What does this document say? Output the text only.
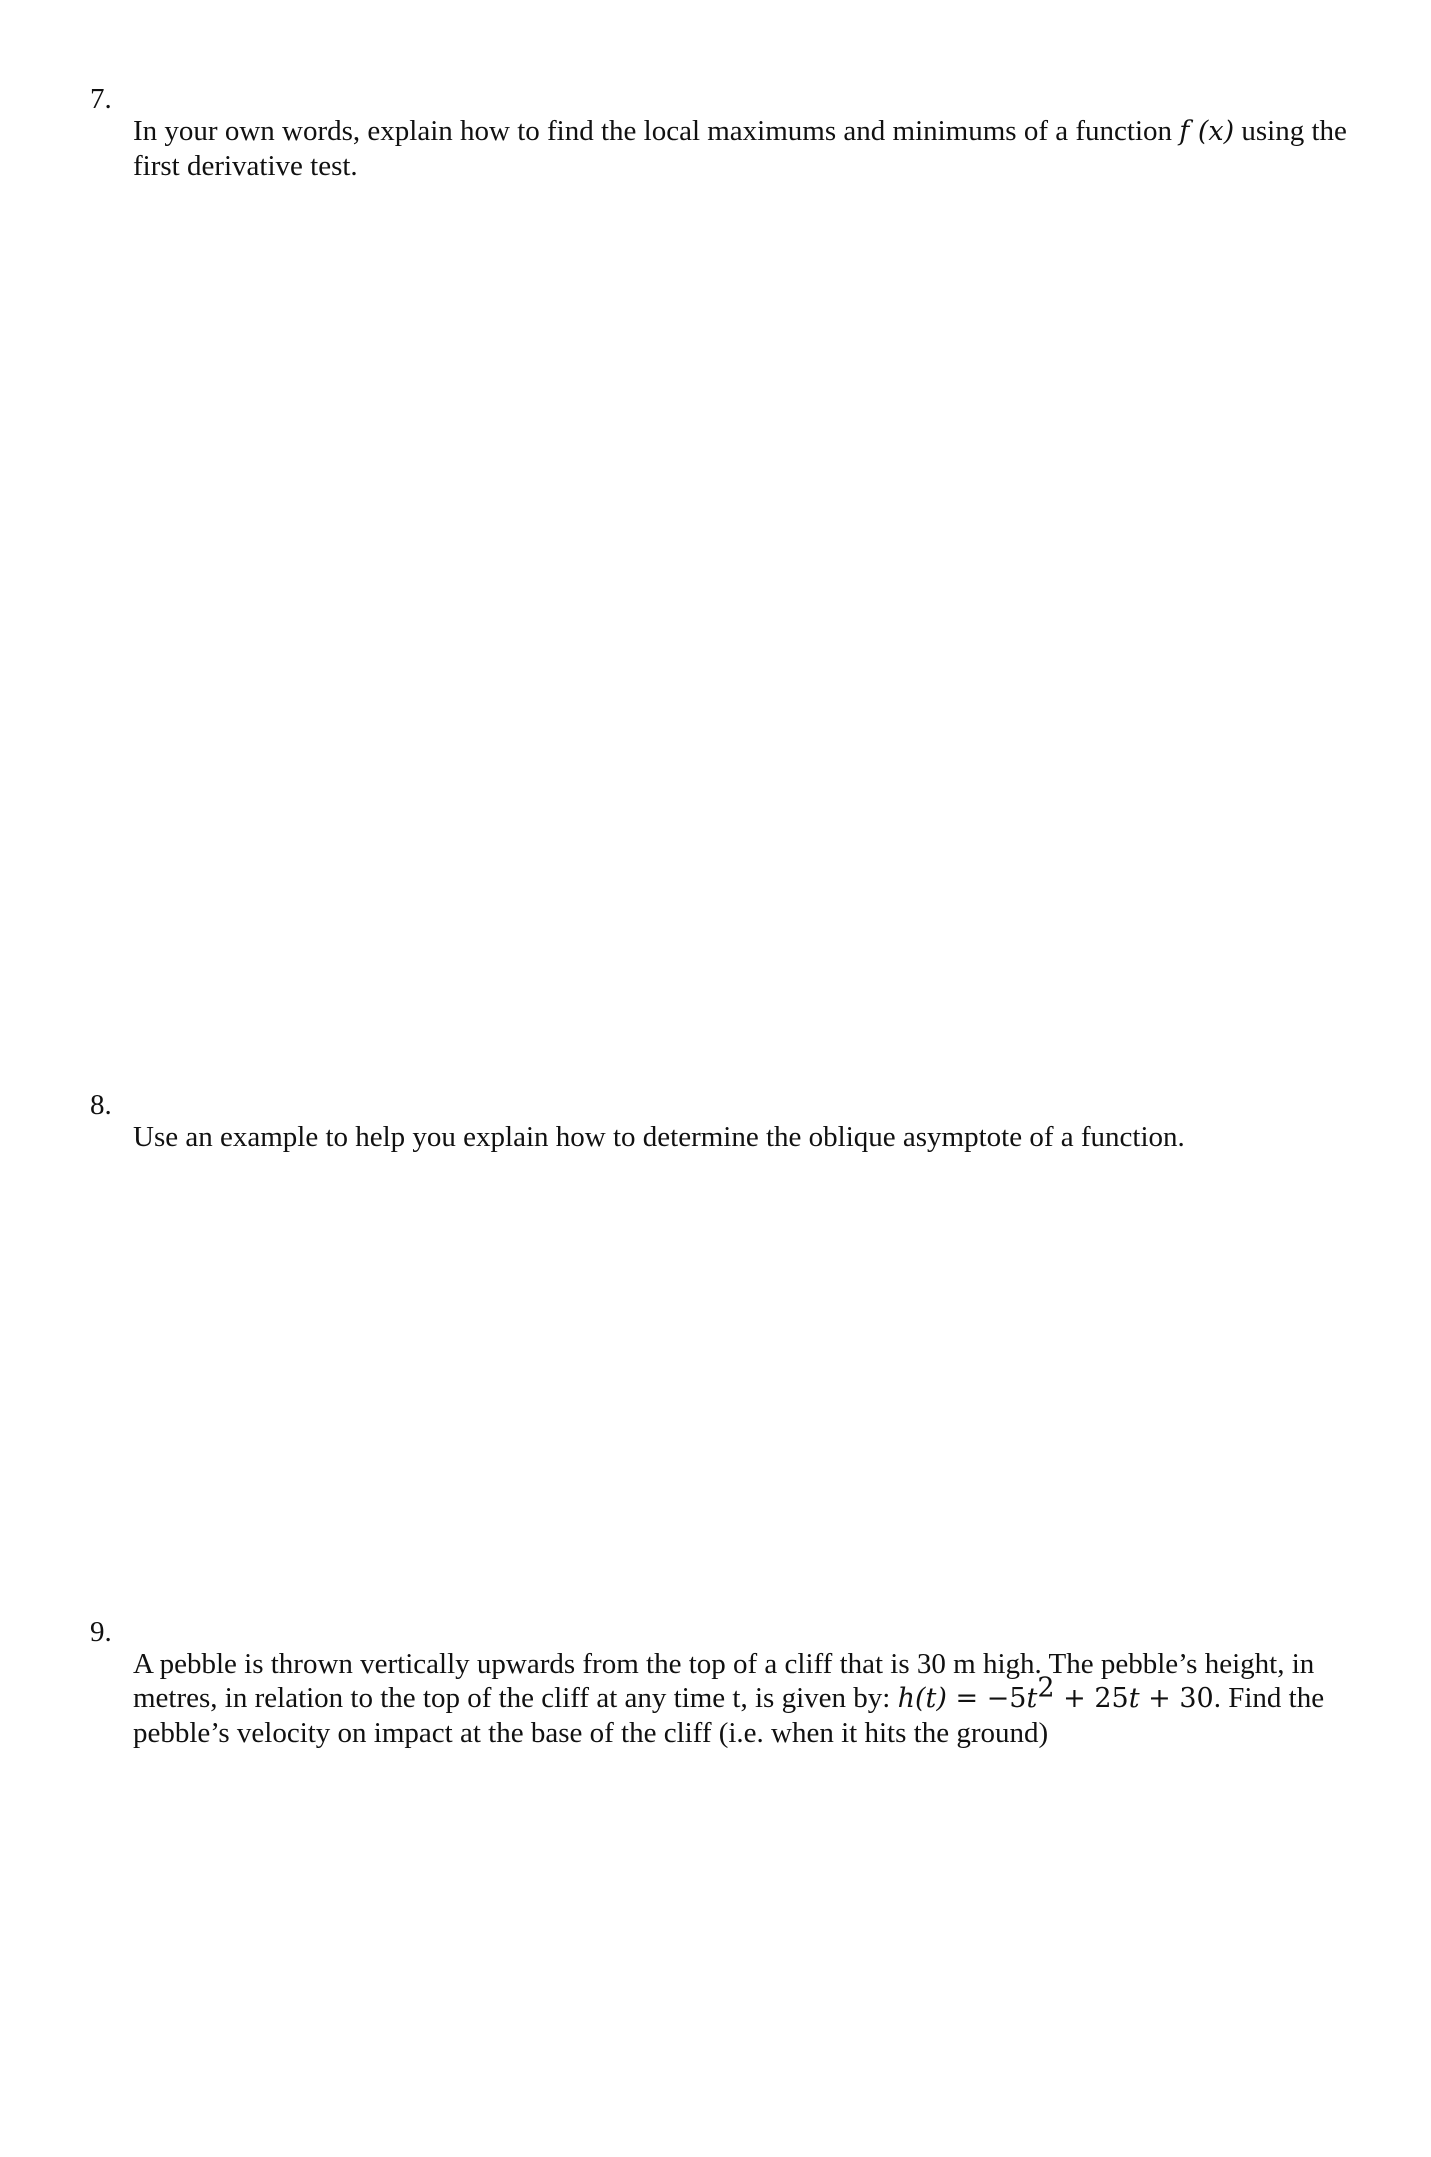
7.

In your own words, explain how to find the local maximums and minimums of a function f (x) using the first derivative test.

8.

Use an example to help you explain how to determine the oblique asymptote of a function.

9.

A pebble is thrown vertically upwards from the top of a cliff that is 30 m high. The pebble’s height, in metres, in relation to the top of the cliff at any time t, is given by: $h(t) = -5t^2 + 25t + 30$. Find the pebble’s velocity on impact at the base of the cliff (i.e. when it hits the ground)
